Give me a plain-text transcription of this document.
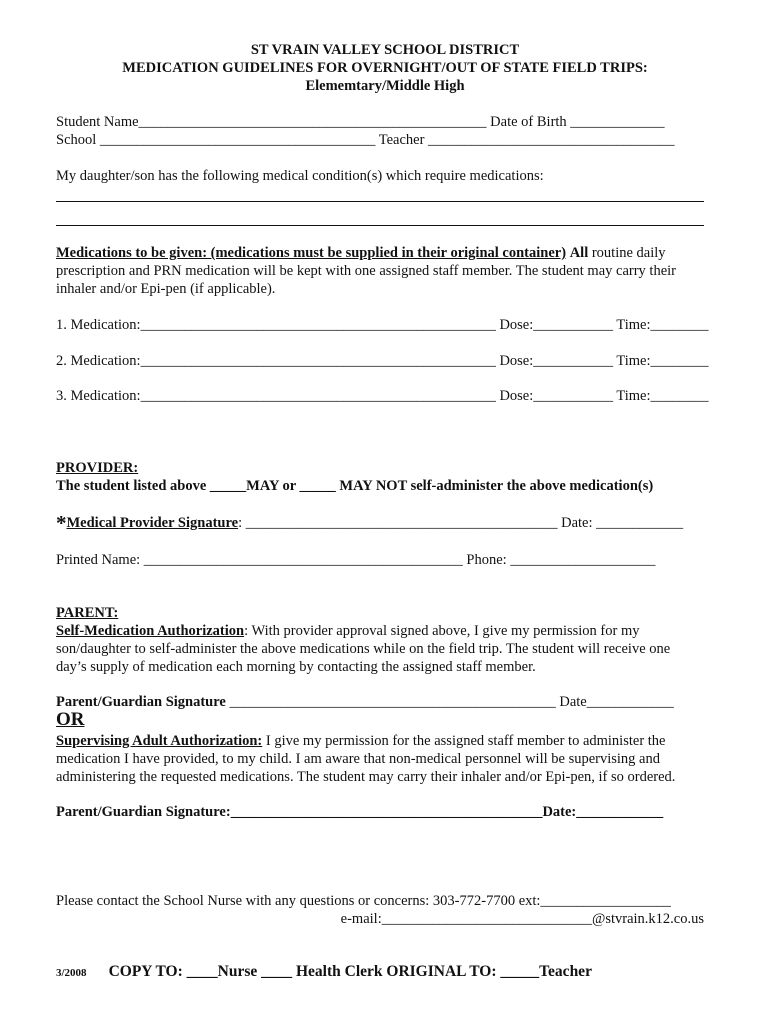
ST VRAIN VALLEY SCHOOL DISTRICT
MEDICATION GUIDELINES FOR OVERNIGHT/OUT OF STATE FIELD TRIPS:
Elememtary/Middle High
Student Name________________________________________________ Date of Birth _____________
School ______________________________________ Teacher __________________________________
My daughter/son has the following medical condition(s) which require medications:
Medications to be given: (medications must be supplied in their original container) All routine daily prescription and PRN medication will be kept with one assigned staff member. The student may carry their inhaler and/or Epi-pen (if applicable).
1. Medication:_________________________________________________ Dose:___________ Time:________
2. Medication:_________________________________________________ Dose:___________ Time:________
3. Medication:_________________________________________________ Dose:___________ Time:________
PROVIDER:
The student listed above _____MAY or _____ MAY NOT self-administer the above medication(s)
*Medical Provider Signature: ___________________________________________ Date: ____________
Printed Name: ____________________________________________ Phone: ____________________
PARENT:
Self-Medication Authorization: With provider approval signed above, I give my permission for my son/daughter to self-administer the above medications while on the field trip. The student will receive one day’s supply of medication each morning by contacting the assigned staff member.
Parent/Guardian Signature _____________________________________________ Date____________
OR
Supervising Adult Authorization: I give my permission for the assigned staff member to administer the medication I have provided, to my child. I am aware that non-medical personnel will be supervising and administering the requested medications. The student may carry their inhaler and/or Epi-pen, if so ordered.
Parent/Guardian Signature:___________________________________________Date:____________
Please contact the School Nurse with any questions or concerns: 303-772-7700 ext:__________________
e-mail:_____________________________@stvrain.k12.co.us
3/2008 COPY TO: ____Nurse ____ Health Clerk ORIGINAL TO: _____Teacher
